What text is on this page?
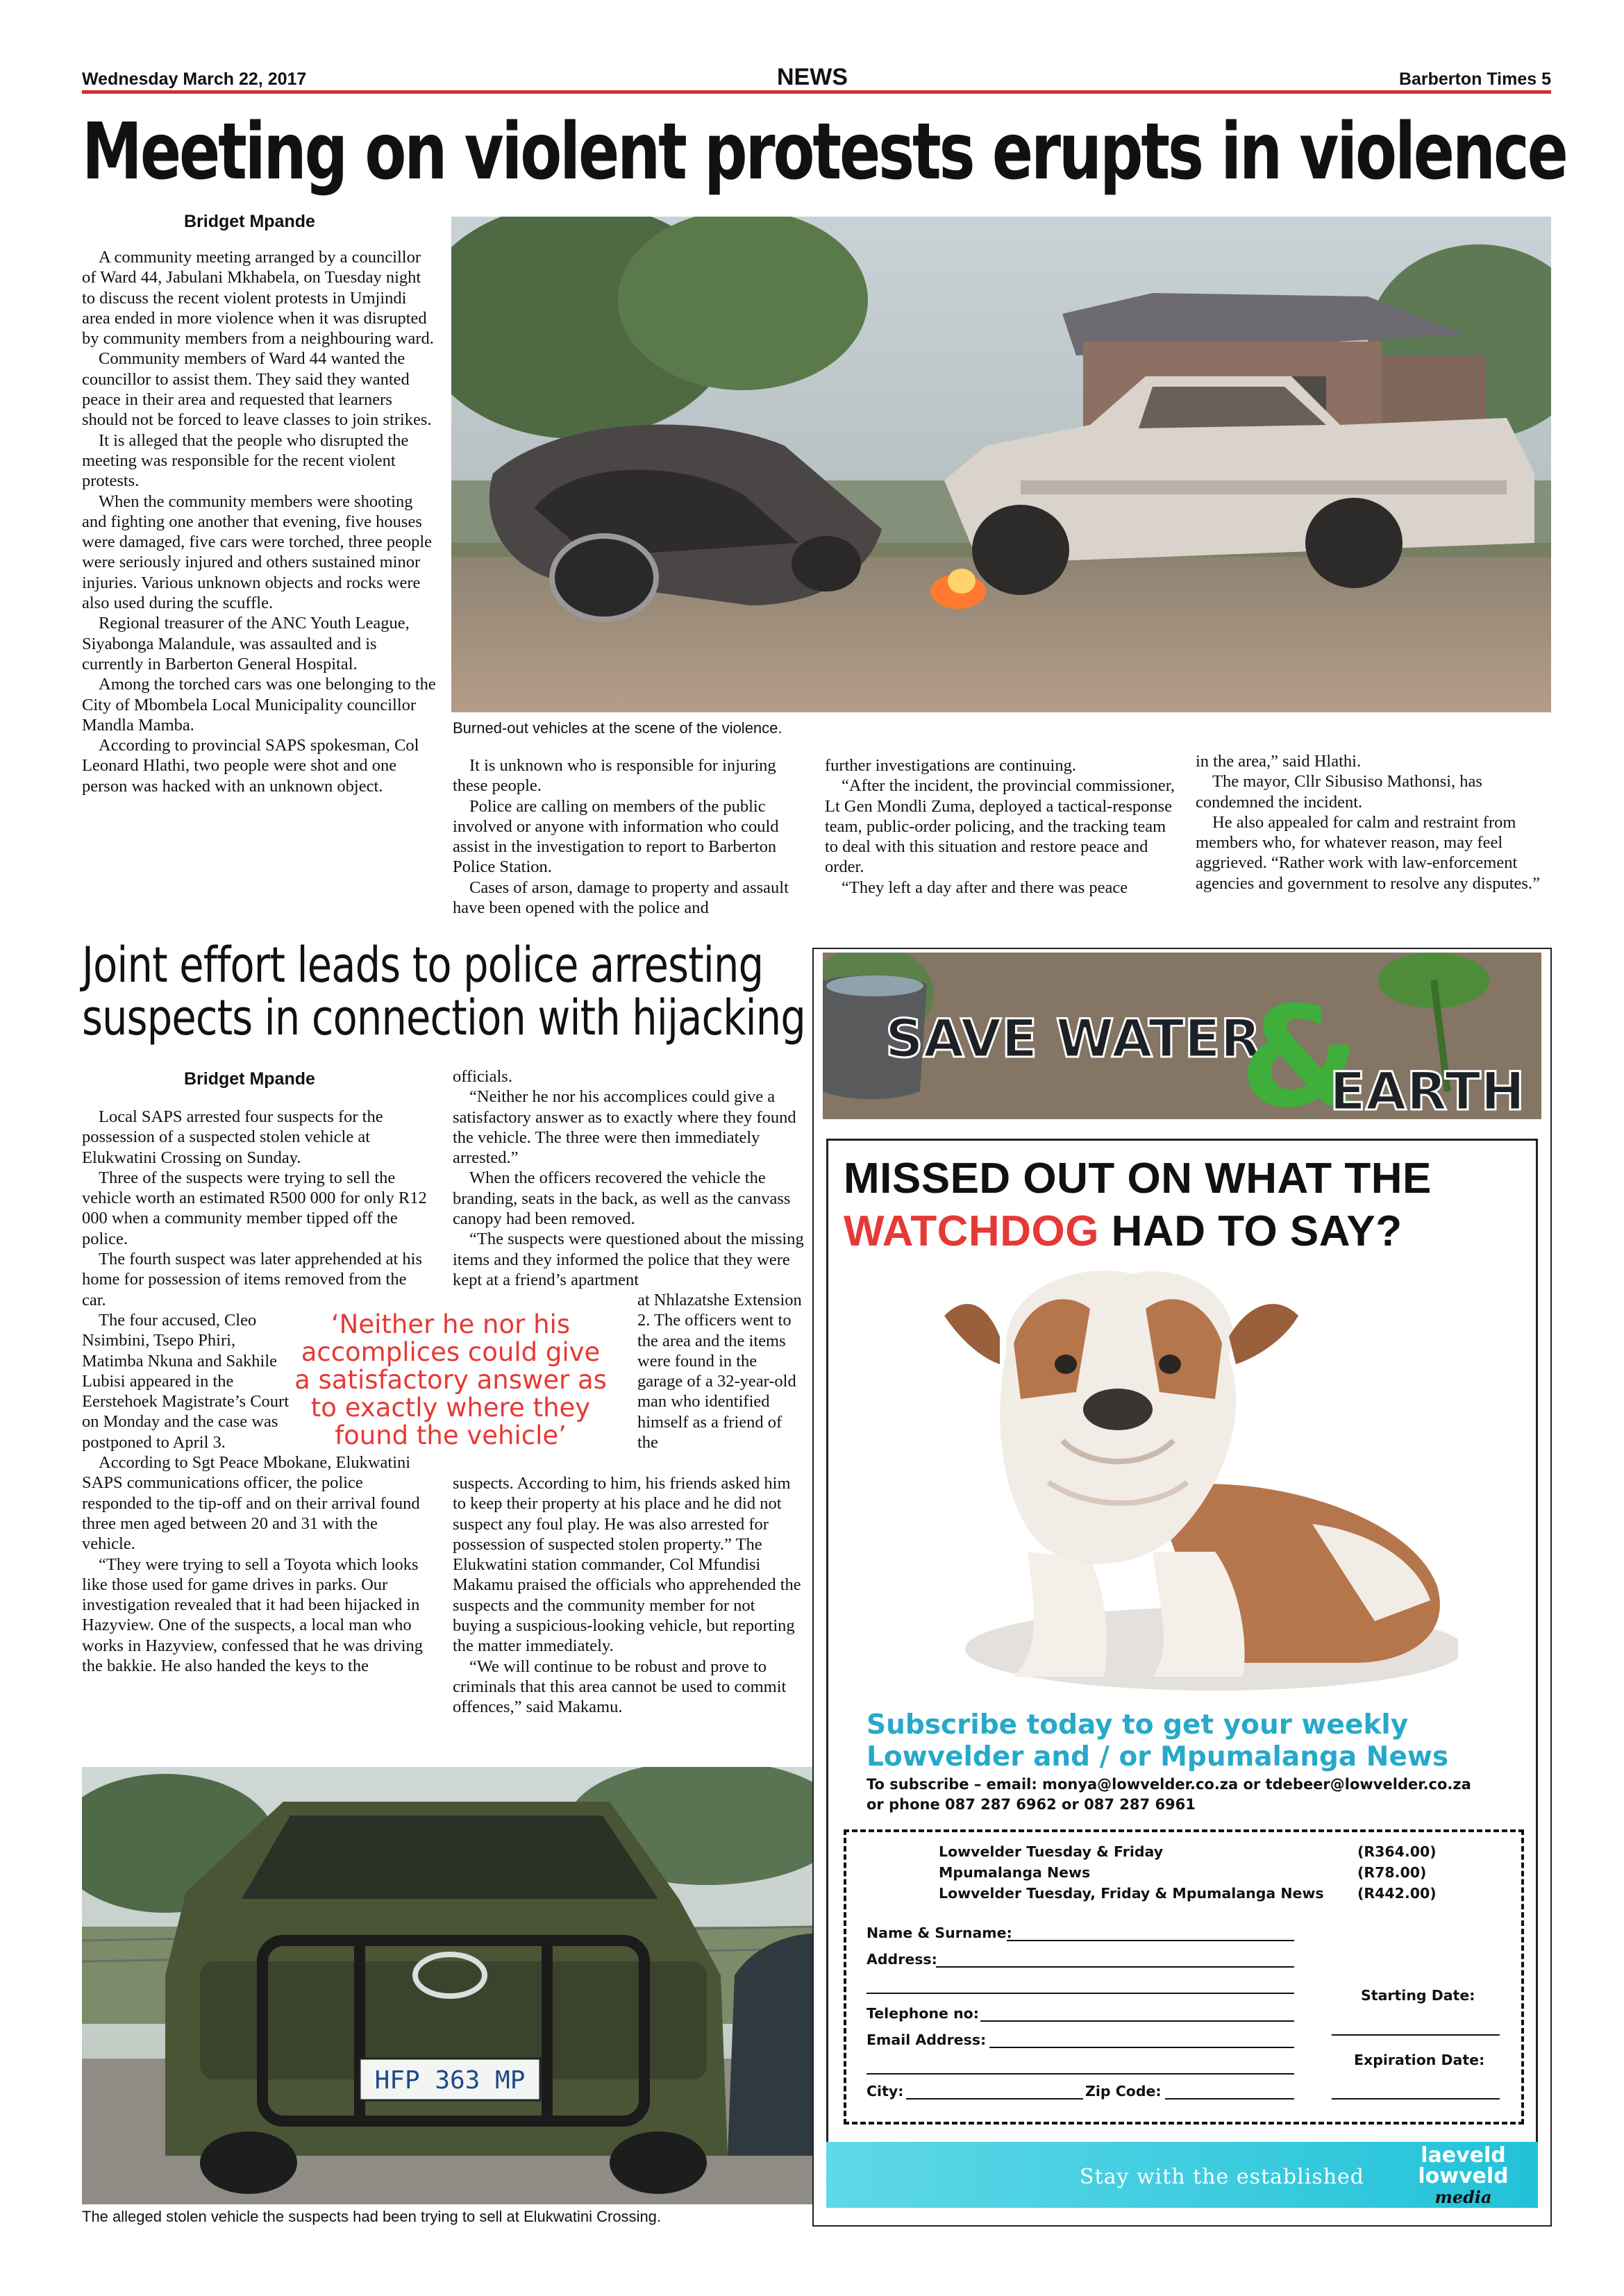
Wednesday March 22, 2017	NEWS	Barberton Times 5
Meeting on violent protests erupts in violence
Bridget Mpande

A community meeting arranged by a councillor of Ward 44, Jabulani Mkhabela, on Tuesday night to discuss the recent violent protests in Umjindi area ended in more violence when it was disrupted by community members from a neighbouring ward.

Community members of Ward 44 wanted the councillor to assist them. They said they wanted peace in their area and requested that learners should not be forced to leave classes to join strikes.

It is alleged that the people who disrupted the meeting was responsible for the recent violent protests.

When the community members were shooting and fighting one another that evening, five houses were damaged, five cars were torched, three people were seriously injured and others sustained minor injuries. Various unknown objects and rocks were also used during the scuffle.

Regional treasurer of the ANC Youth League, Siyabonga Malandule, was assaulted and is currently in Barberton General Hospital.

Among the torched cars was one belonging to the City of Mbombela Local Municipality councillor Mandla Mamba.

According to provincial SAPS spokesman, Col Leonard Hlathi, two people were shot and one person was hacked with an unknown object.

Burned-out vehicles at the scene of the violence.

It is unknown who is responsible for injuring these people.

Police are calling on members of the public involved or anyone with information who could assist in the investigation to report to Barberton Police Station.

Cases of arson, damage to property and assault have been opened with the police and

further investigations are continuing.

“After the incident, the provincial commissioner, Lt Gen Mondli Zuma, deployed a tactical-response team, public-order policing, and the tracking team to deal with this situation and restore peace and order.

“They left a day after and there was peace

in the area,” said Hlathi.

The mayor, Cllr Sibusiso Mathonsi, has condemned the incident.

He also appealed for calm and restraint from members who, for whatever reason, may feel aggrieved. “Rather work with law-enforcement agencies and government to resolve any disputes.”

Joint effort leads to police arresting
suspects in connection with hijacking
Bridget Mpande

Local SAPS arrested four suspects for the possession of a suspected stolen vehicle at Elukwatini Crossing on Sunday.

Three of the suspects were trying to sell the vehicle worth an estimated R500 000 for only R12 000 when a community member tipped off the police.

The fourth suspect was later apprehended at his home for possession of items removed from the car.

The four accused, Cleo Nsimbini, Tsepo Phiri, Matimba Nkuna and Sakhile Lubisi appeared in the Eerstehoek Magistrate’s Court on Monday and the case was postponed to April 3.

According to Sgt Peace Mbokane, Elukwatini SAPS communications officer, the police responded to the tip-off and on their arrival found three men aged between 20 and 31 with the vehicle.

“They were trying to sell a Toyota which looks like those used for game drives in parks. Our investigation revealed that it had been hijacked in Hazyview. One of the suspects, a local man who works in Hazyview, confessed that he was driving the bakkie. He also handed the keys to the

‘Neither he nor his accomplices could give a satisfactory answer as to exactly where they found the vehicle’

officials.

“Neither he nor his accomplices could give a satisfactory answer as to exactly where they found the vehicle. The three were then immediately arrested.”

When the officers recovered the vehicle the branding, seats in the back, as well as the canvass canopy had been removed.

“The suspects were questioned about the missing items and they informed the police that they were kept at a friend’s apartment

at Nhlazatshe Extension 2. The officers went to the area and the items were found in the garage of a 32-year-old man who identified himself as a friend of the

suspects. According to him, his friends asked him to keep their property at his place and he did not suspect any foul play. He was also arrested for possession of suspected stolen property.” The Elukwatini station commander, Col Mfundisi Makamu praised the officials who apprehended the suspects and the community member for not buying a suspicious-looking vehicle, but reporting the matter immediately.

“We will continue to be robust and prove to criminals that this area cannot be used to commit offences,” said Makamu.

HFP 363 MP
The alleged stolen vehicle the suspects had been trying to sell at Elukwatini Crossing.
SAVE WATER
&
EARTH
MISSED OUT ON WHAT THE
WATCHDOG HAD TO SAY?
Subscribe today to get your weekly
Lowvelder and / or Mpumalanga News
To subscribe – email: monya@lowvelder.co.za or tdebeer@lowvelder.co.za
or phone 087 287 6962 or 087 287 6961
Lowvelder Tuesday & Friday	(R364.00)
Mpumalanga News	(R78.00)
Lowvelder Tuesday, Friday & Mpumalanga News (R442.00)
Name & Surname:
Address:
Starting Date:
Telephone no:
Email Address:
Expiration Date:
City:	Zip Code:
Stay with the established
laeveld
lowveld
media
